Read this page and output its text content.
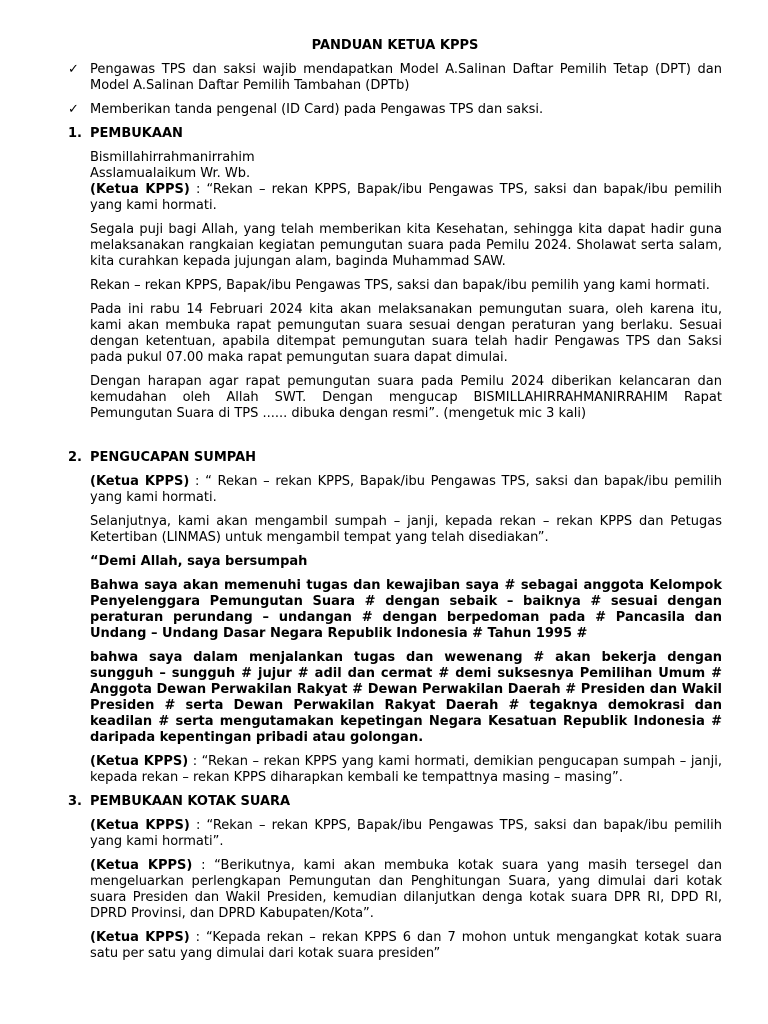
PANDUAN KETUA KPPS
✓ Pengawas TPS dan saksi wajib mendapatkan Model A.Salinan Daftar Pemilih Tetap (DPT) dan Model A.Salinan Daftar Pemilih Tambahan (DPTb)
✓ Memberikan tanda pengenal (ID Card) pada Pengawas TPS dan saksi.
1. PEMBUKAAN

Bismillahirrahmanirrahim

Asslamualaikum Wr. Wb.

(Ketua KPPS) : “Rekan – rekan KPPS, Bapak/ibu Pengawas TPS, saksi dan bapak/ibu pemilih yang kami hormati.

Segala puji bagi Allah, yang telah memberikan kita Kesehatan, sehingga kita dapat hadir guna melaksanakan rangkaian kegiatan pemungutan suara pada Pemilu 2024. Sholawat serta salam, kita curahkan kepada jujungan alam, baginda Muhammad SAW.

Rekan – rekan KPPS, Bapak/ibu Pengawas TPS, saksi dan bapak/ibu pemilih yang kami hormati.

Pada ini rabu 14 Februari 2024 kita akan melaksanakan pemungutan suara, oleh karena itu, kami akan membuka rapat pemungutan suara sesuai dengan peraturan yang berlaku. Sesuai dengan ketentuan, apabila ditempat pemungutan suara telah hadir Pengawas TPS dan Saksi pada pukul 07.00 maka rapat pemungutan suara dapat dimulai.

Dengan harapan agar rapat pemungutan suara pada Pemilu 2024 diberikan kelancaran dan kemudahan oleh Allah SWT. Dengan mengucap BISMILLAHIRRAHMANIRRAHIM Rapat Pemungutan Suara di TPS ...... dibuka dengan resmi”. (mengetuk mic 3 kali)

2. PENGUCAPAN SUMPAH

(Ketua KPPS) : “ Rekan – rekan KPPS, Bapak/ibu Pengawas TPS, saksi dan bapak/ibu pemilih yang kami hormati.

Selanjutnya, kami akan mengambil sumpah – janji, kepada rekan – rekan KPPS dan Petugas Ketertiban (LINMAS) untuk mengambil tempat yang telah disediakan”.

“Demi Allah, saya bersumpah

Bahwa saya akan memenuhi tugas dan kewajiban saya # sebagai anggota Kelompok Penyelenggara Pemungutan Suara # dengan sebaik – baiknya # sesuai dengan peraturan perundang – undangan # dengan berpedoman pada # Pancasila dan Undang – Undang Dasar Negara Republik Indonesia # Tahun 1995 #

bahwa saya dalam menjalankan tugas dan wewenang # akan bekerja dengan sungguh – sungguh # jujur # adil dan cermat # demi suksesnya Pemilihan Umum # Anggota Dewan Perwakilan Rakyat # Dewan Perwakilan Daerah # Presiden dan Wakil Presiden # serta Dewan Perwakilan Rakyat Daerah # tegaknya demokrasi dan keadilan # serta mengutamakan kepetingan Negara Kesatuan Republik Indonesia # daripada kepentingan pribadi atau golongan.

(Ketua KPPS) : “Rekan – rekan KPPS yang kami hormati, demikian pengucapan sumpah – janji, kepada rekan – rekan KPPS diharapkan kembali ke tempattnya masing – masing”.

3. PEMBUKAAN KOTAK SUARA

(Ketua KPPS) : “Rekan – rekan KPPS, Bapak/ibu Pengawas TPS, saksi dan bapak/ibu pemilih yang kami hormati”.

(Ketua KPPS) : “Berikutnya, kami akan membuka kotak suara yang masih tersegel dan mengeluarkan perlengkapan Pemungutan dan Penghitungan Suara, yang dimulai dari kotak suara Presiden dan Wakil Presiden, kemudian dilanjutkan denga kotak suara DPR RI, DPD RI, DPRD Provinsi, dan DPRD Kabupaten/Kota”.

(Ketua KPPS) : “Kepada rekan – rekan KPPS 6 dan 7 mohon untuk mengangkat kotak suara satu per satu yang dimulai dari kotak suara presiden”
